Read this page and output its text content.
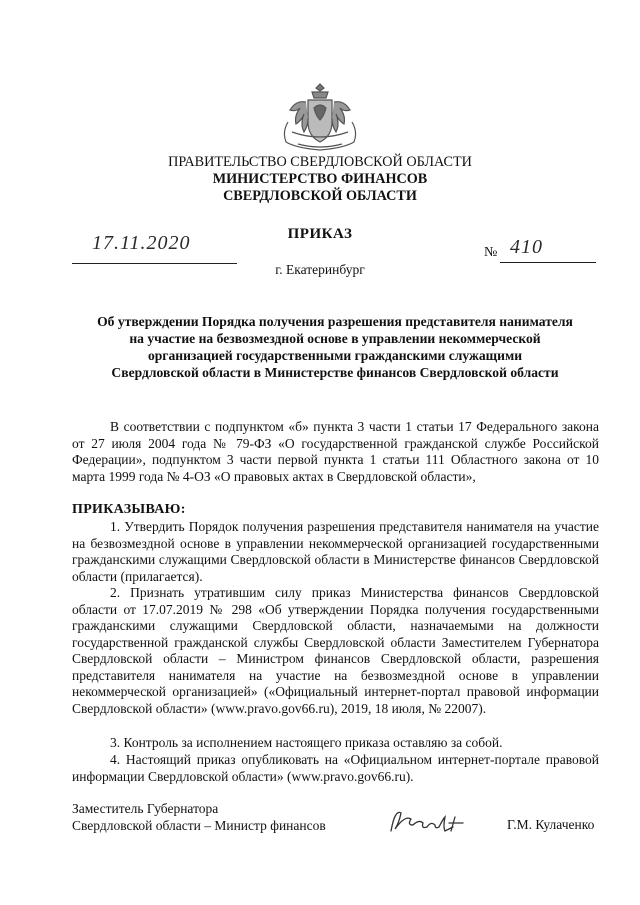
ПРАВИТЕЛЬСТВО СВЕРДЛОВСКОЙ ОБЛАСТИ
МИНИСТЕРСТВО ФИНАНСОВ
СВЕРДЛОВСКОЙ ОБЛАСТИ
ПРИКАЗ
17.11.2020	№ 410
г. Екатеринбург
Об утверждении Порядка получения разрешения представителя нанимателя
на участие на безвозмездной основе в управлении некоммерческой
организацией государственными гражданскими служащими
Свердловской области в Министерстве финансов Свердловской области
В соответствии с подпунктом «б» пункта 3 части 1 статьи 17 Федерального закона от 27 июля 2004 года № 79-ФЗ «О государственной гражданской службе Российской Федерации», подпунктом 3 части первой пункта 1 статьи 111 Областного закона от 10 марта 1999 года № 4-ОЗ «О правовых актах в Свердловской области»,
ПРИКАЗЫВАЮ:
1. Утвердить Порядок получения разрешения представителя нанимателя на участие на безвозмездной основе в управлении некоммерческой организацией государственными гражданскими служащими Свердловской области в Министерстве финансов Свердловской области (прилагается).
2. Признать утратившим силу приказ Министерства финансов Свердловской области от 17.07.2019 № 298 «Об утверждении Порядка получения государственными гражданскими служащими Свердловской области, назначаемыми на должности государственной гражданской службы Свердловской области Заместителем Губернатора Свердловской области – Министром финансов Свердловской области, разрешения представителя нанимателя на участие на безвозмездной основе в управлении некоммерческой организацией» («Официальный интернет-портал правовой информации Свердловской области» (www.pravo.gov66.ru), 2019, 18 июля, № 22007).
3. Контроль за исполнением настоящего приказа оставляю за собой.
4. Настоящий приказ опубликовать на «Официальном интернет-портале правовой информации Свердловской области» (www.pravo.gov66.ru).
Заместитель Губернатора
Свердловской области – Министр финансов	Г.М. Кулаченко
